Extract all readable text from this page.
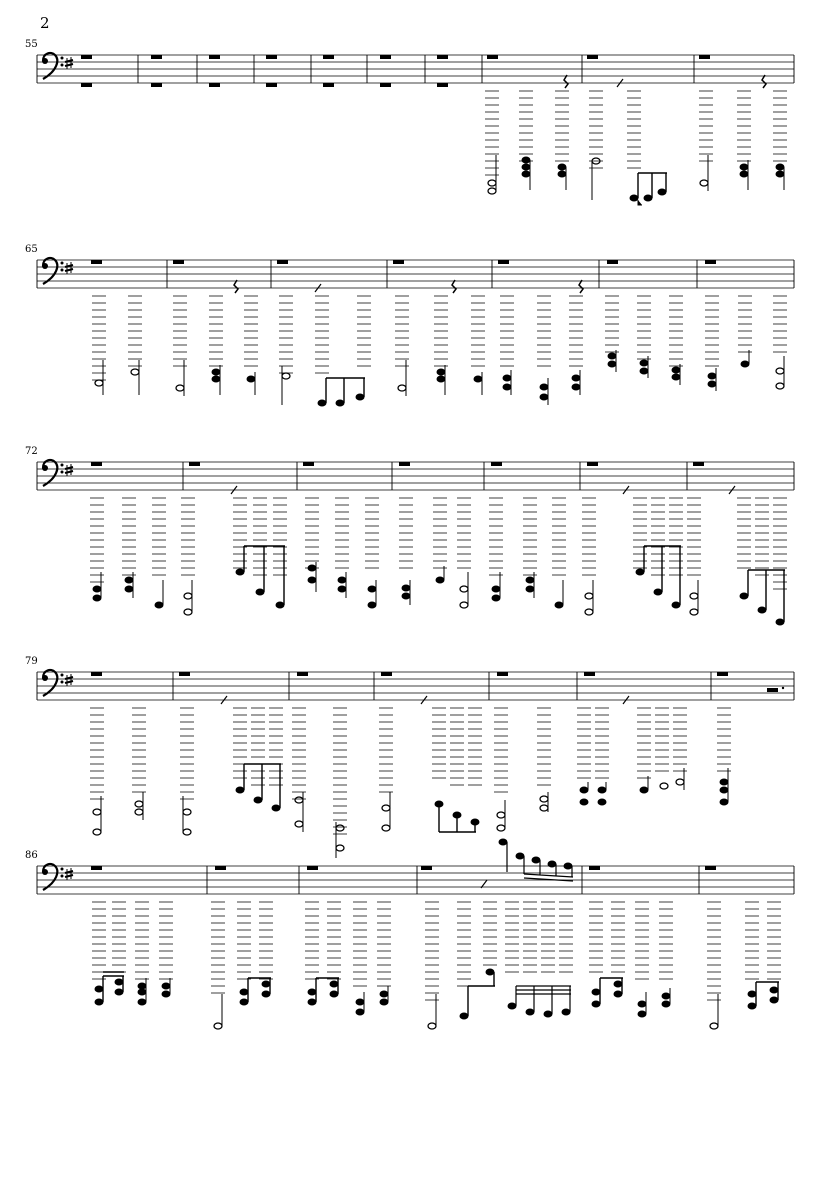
2
55
65
72
79
86
